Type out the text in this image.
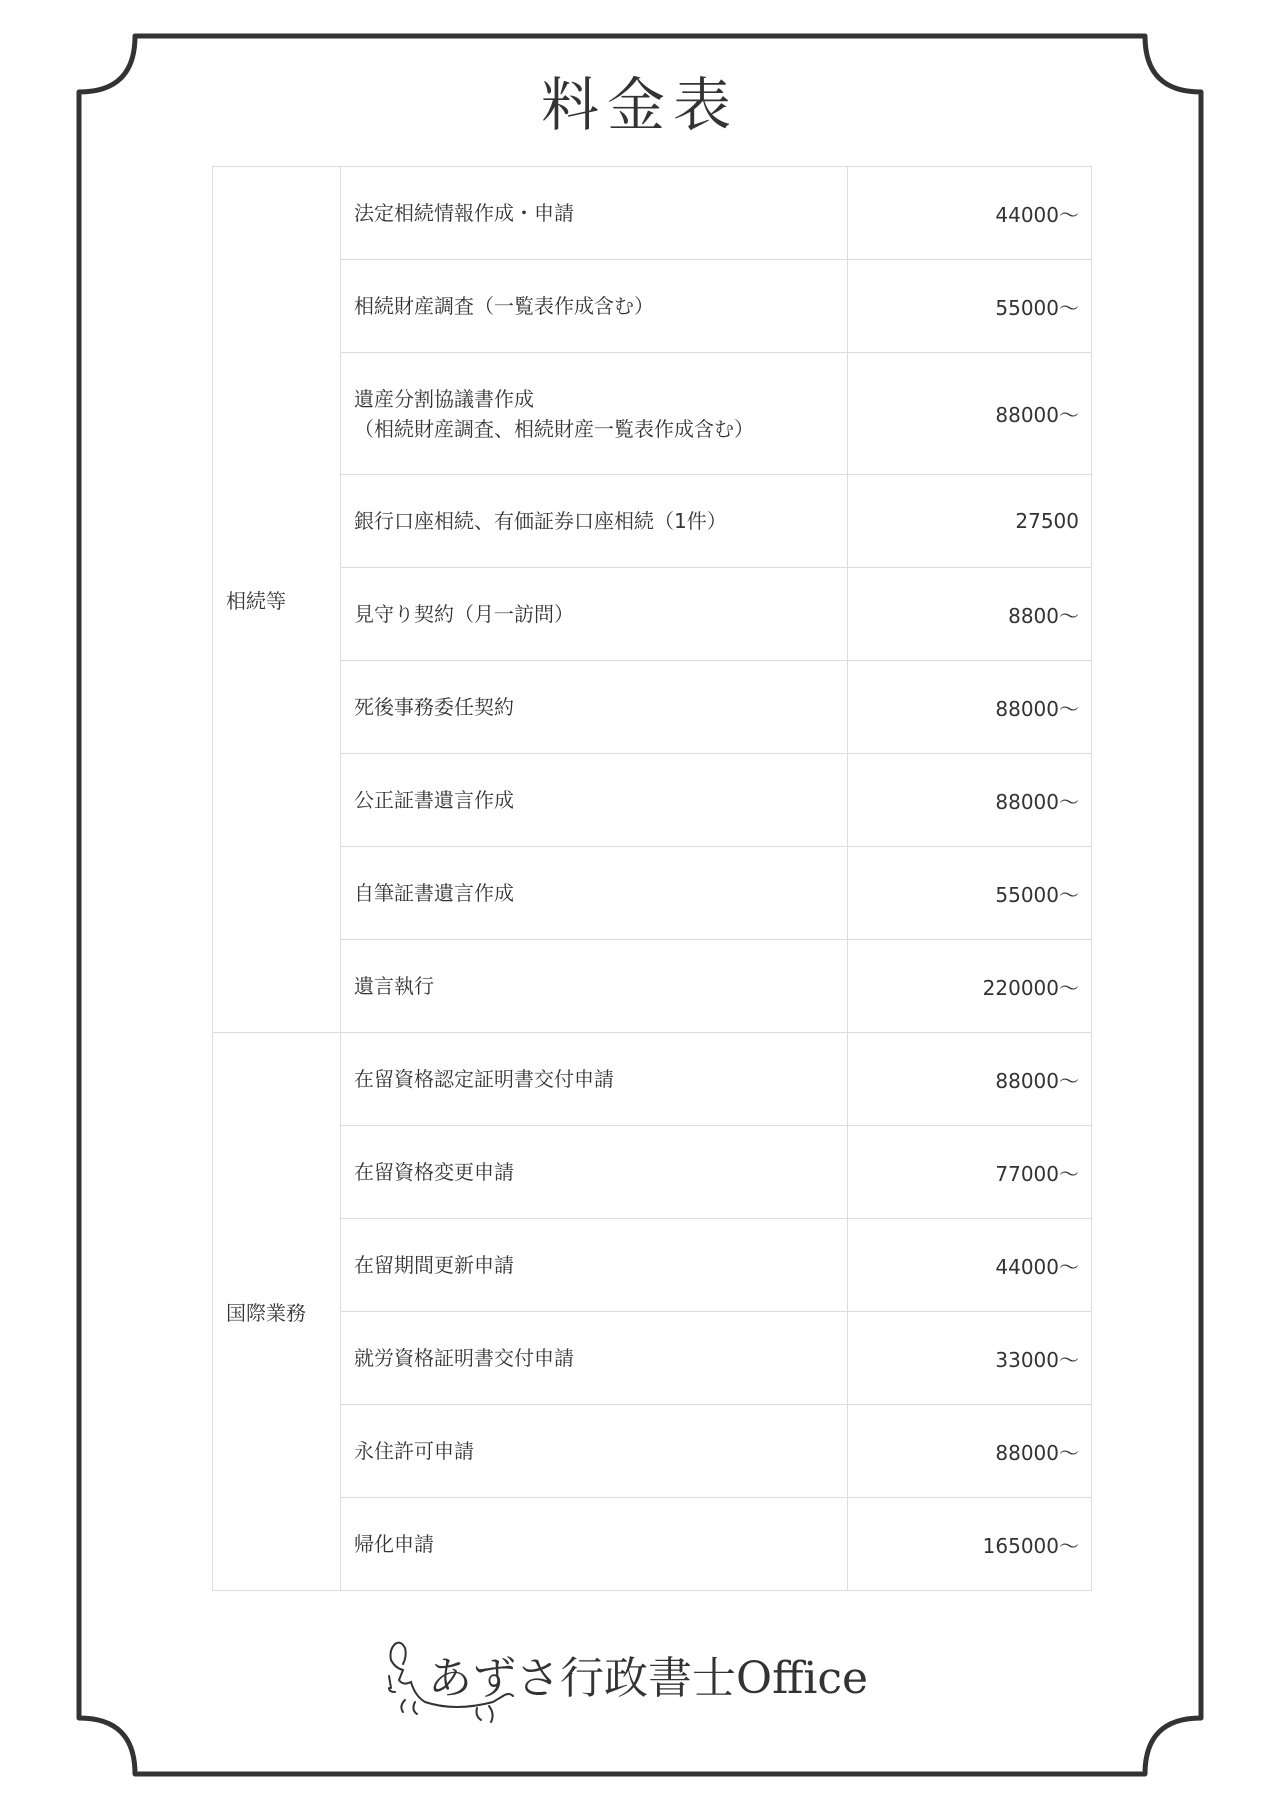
料金表
相続等	法定相続情報作成・申請	44000〜
	相続財産調査（一覧表作成含む）	55000〜

	遺産分割協議書作成
（相続財産調査、相続財産一覧表作成含む）	88000〜
	銀行口座相続、有価証券口座相続（1件）	27500
	見守り契約（月一訪問）	8800〜
	死後事務委任契約	88000〜
	公正証書遺言作成	88000〜
	自筆証書遺言作成	55000〜
	遺言執行	220000〜
国際業務	在留資格認定証明書交付申請	88000〜
	在留資格変更申請	77000〜
	在留期間更新申請	44000〜
	就労資格証明書交付申請	33000〜
	永住許可申請	88000〜
	帰化申請	165000〜
あずさ行政書士Office
